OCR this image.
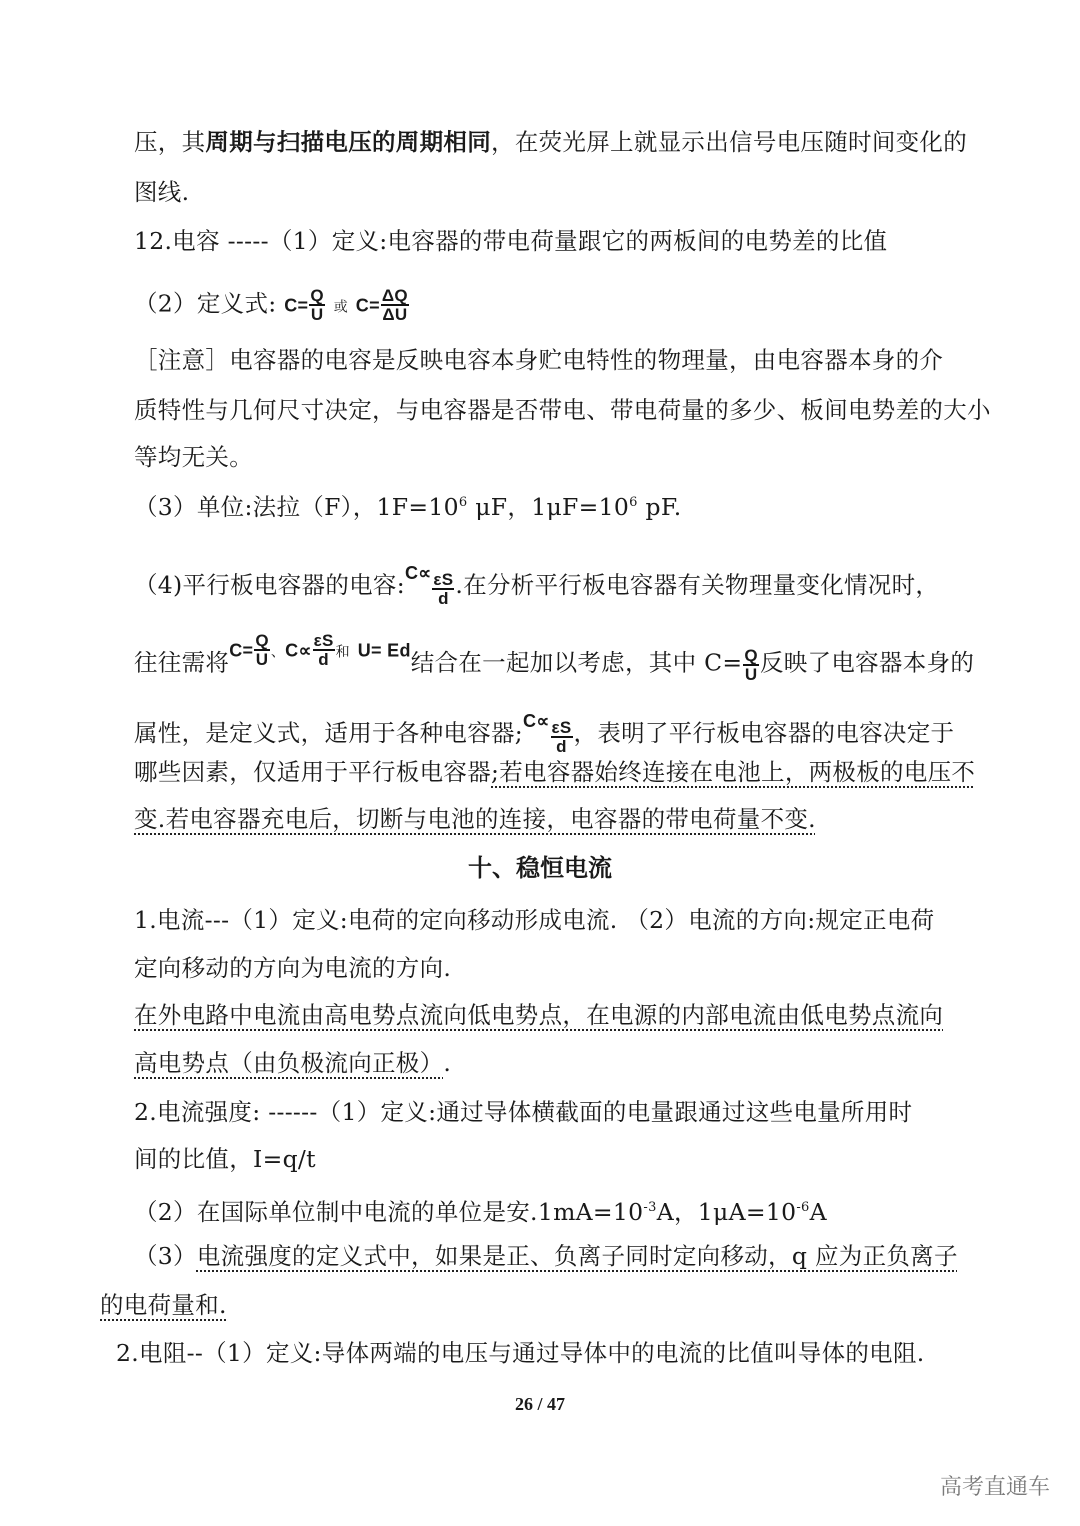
压，其周期与扫描电压的周期相同，在荧光屏上就显示出信号电压随时间变化的
图线.
12.电容 -----（1）定义:电容器的带电荷量跟它的两板间的电势差的比值
（2）定义式: $C= \frac{Q}{U}$ 或 $C= \frac{\Delta Q}{\Delta U}$
［注意］电容器的电容是反映电容本身贮电特性的物理量，由电容器本身的介
质特性与几何尺寸决定，与电容器是否带电、带电荷量的多少、板间电势差的大小
等均无关。
（3）单位:法拉（F），$1F=10^6$ μF，$1\mu F=10^6$ pF.
（4)平行板电容器的电容:$^{C\propto}$ $\frac{\varepsilon S}{d}$ .在分析平行板电容器有关物理量变化情况时，
往往需将$C= \frac{Q}{U}$ 、$C\propto \frac{\varepsilon S}{d}$ 和 U= Ed结合在一起加以考虑，其中 $C= \frac{Q}{U}$ 反映了电容器本身的
属性，是定义式，适用于各种电容器;$^{C\propto}$ $\frac{\varepsilon S}{d}$ ，表明了平行板电容器的电容决定于
哪些因素，仅适用于平行板电容器;若电容器始终连接在电池上，两极板的电压不
变.若电容器充电后，切断与电池的连接，电容器的带电荷量不变.
十、稳恒电流
1.电流---（1）定义:电荷的定向移动形成电流. （2）电流的方向:规定正电荷
定向移动的方向为电流的方向.
在外电路中电流由高电势点流向低电势点，在电源的内部电流由低电势点流向
高电势点（由负极流向正极）.
2.电流强度: ------（1）定义:通过导体横截面的电量跟通过这些电量所用时
间的比值，I=q/t
（2）在国际单位制中电流的单位是安$.1mA=10^{-3}A$，$1\mu A=10^{-6}A$
（3）电流强度的定义式中，如果是正、负离子同时定向移动，q 应为正负离子
的电荷量和.
2.电阻--（1）定义:导体两端的电压与通过导体中的电流的比值叫导体的电阻.
26 / 47
高考直通车
